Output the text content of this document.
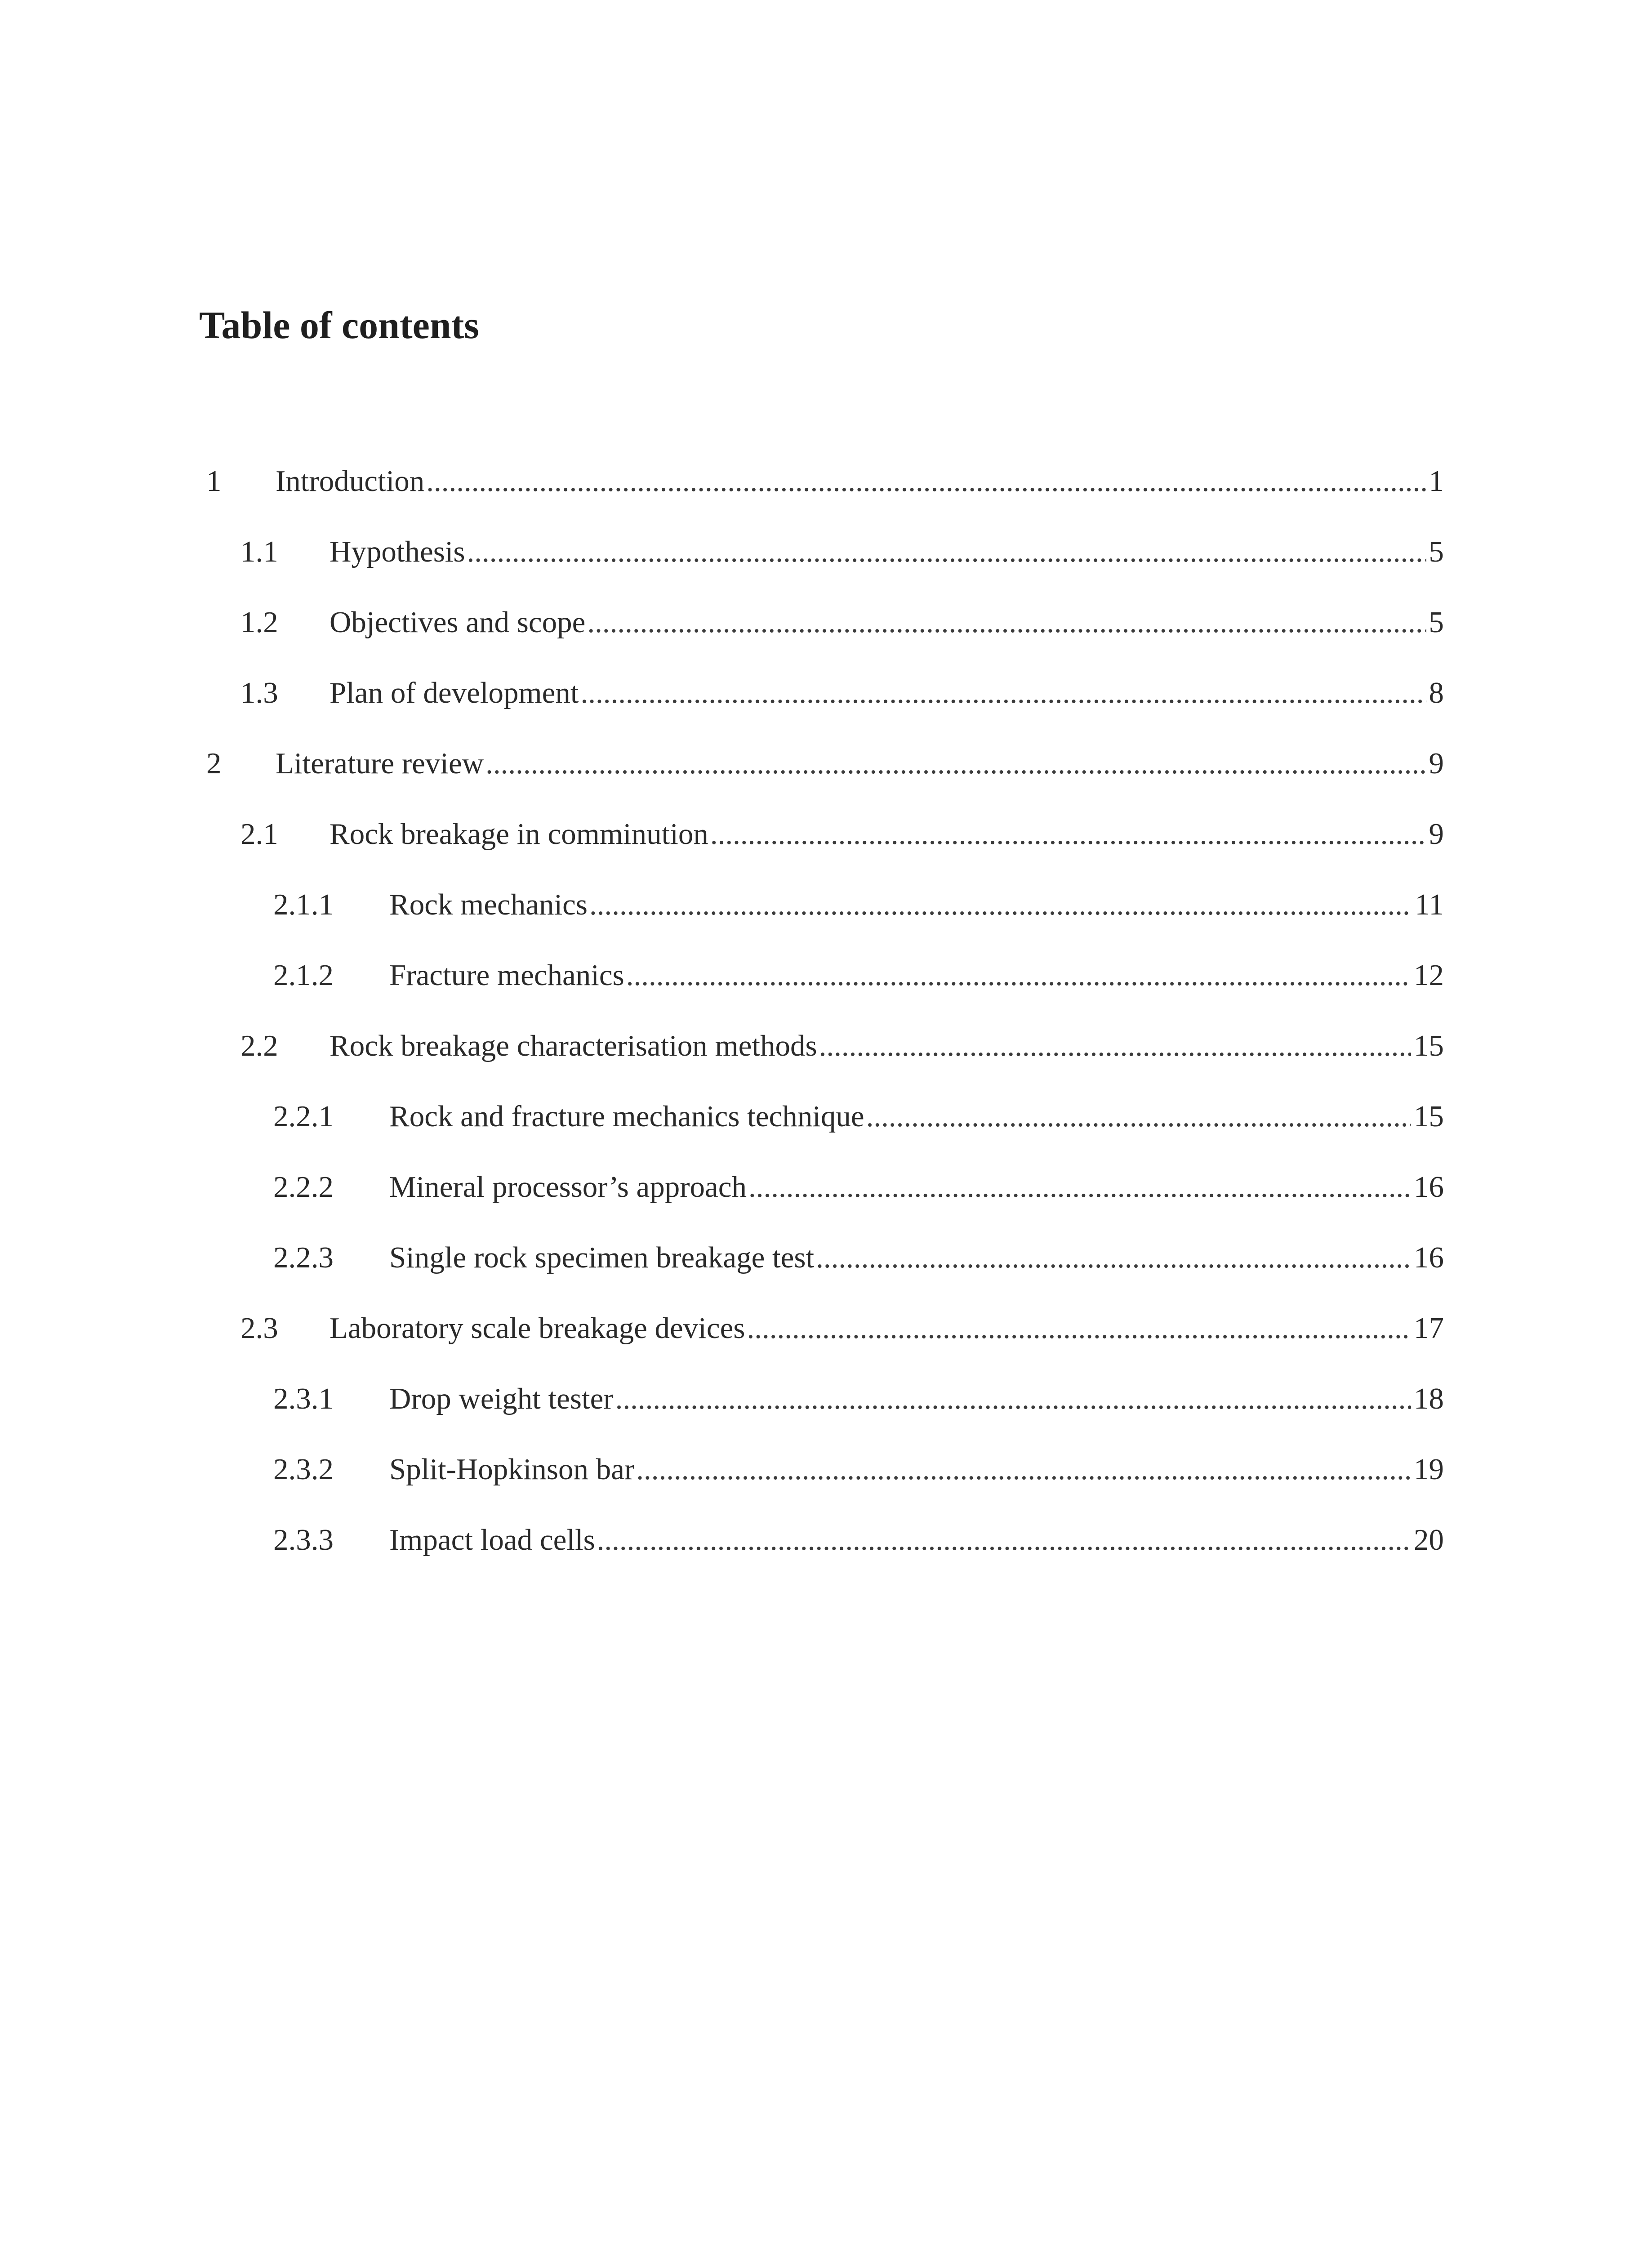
Table of contents
1	Introduction .....	1
1.1	Hypothesis .....	5
1.2	Objectives and scope .....	5
1.3	Plan of development .....	8
2	Literature review .....	9
2.1	Rock breakage in comminution .....	9
2.1.1	Rock mechanics .....	11
2.1.2	Fracture mechanics .....	12
2.2	Rock breakage characterisation methods .....	15
2.2.1	Rock and fracture mechanics technique .....	15
2.2.2	Mineral processor’s approach .....	16
2.2.3	Single rock specimen breakage test .....	16
2.3	Laboratory scale breakage devices .....	17
2.3.1	Drop weight tester .....	18
2.3.2	Split-Hopkinson bar .....	19
2.3.3	Impact load cells .....	20
